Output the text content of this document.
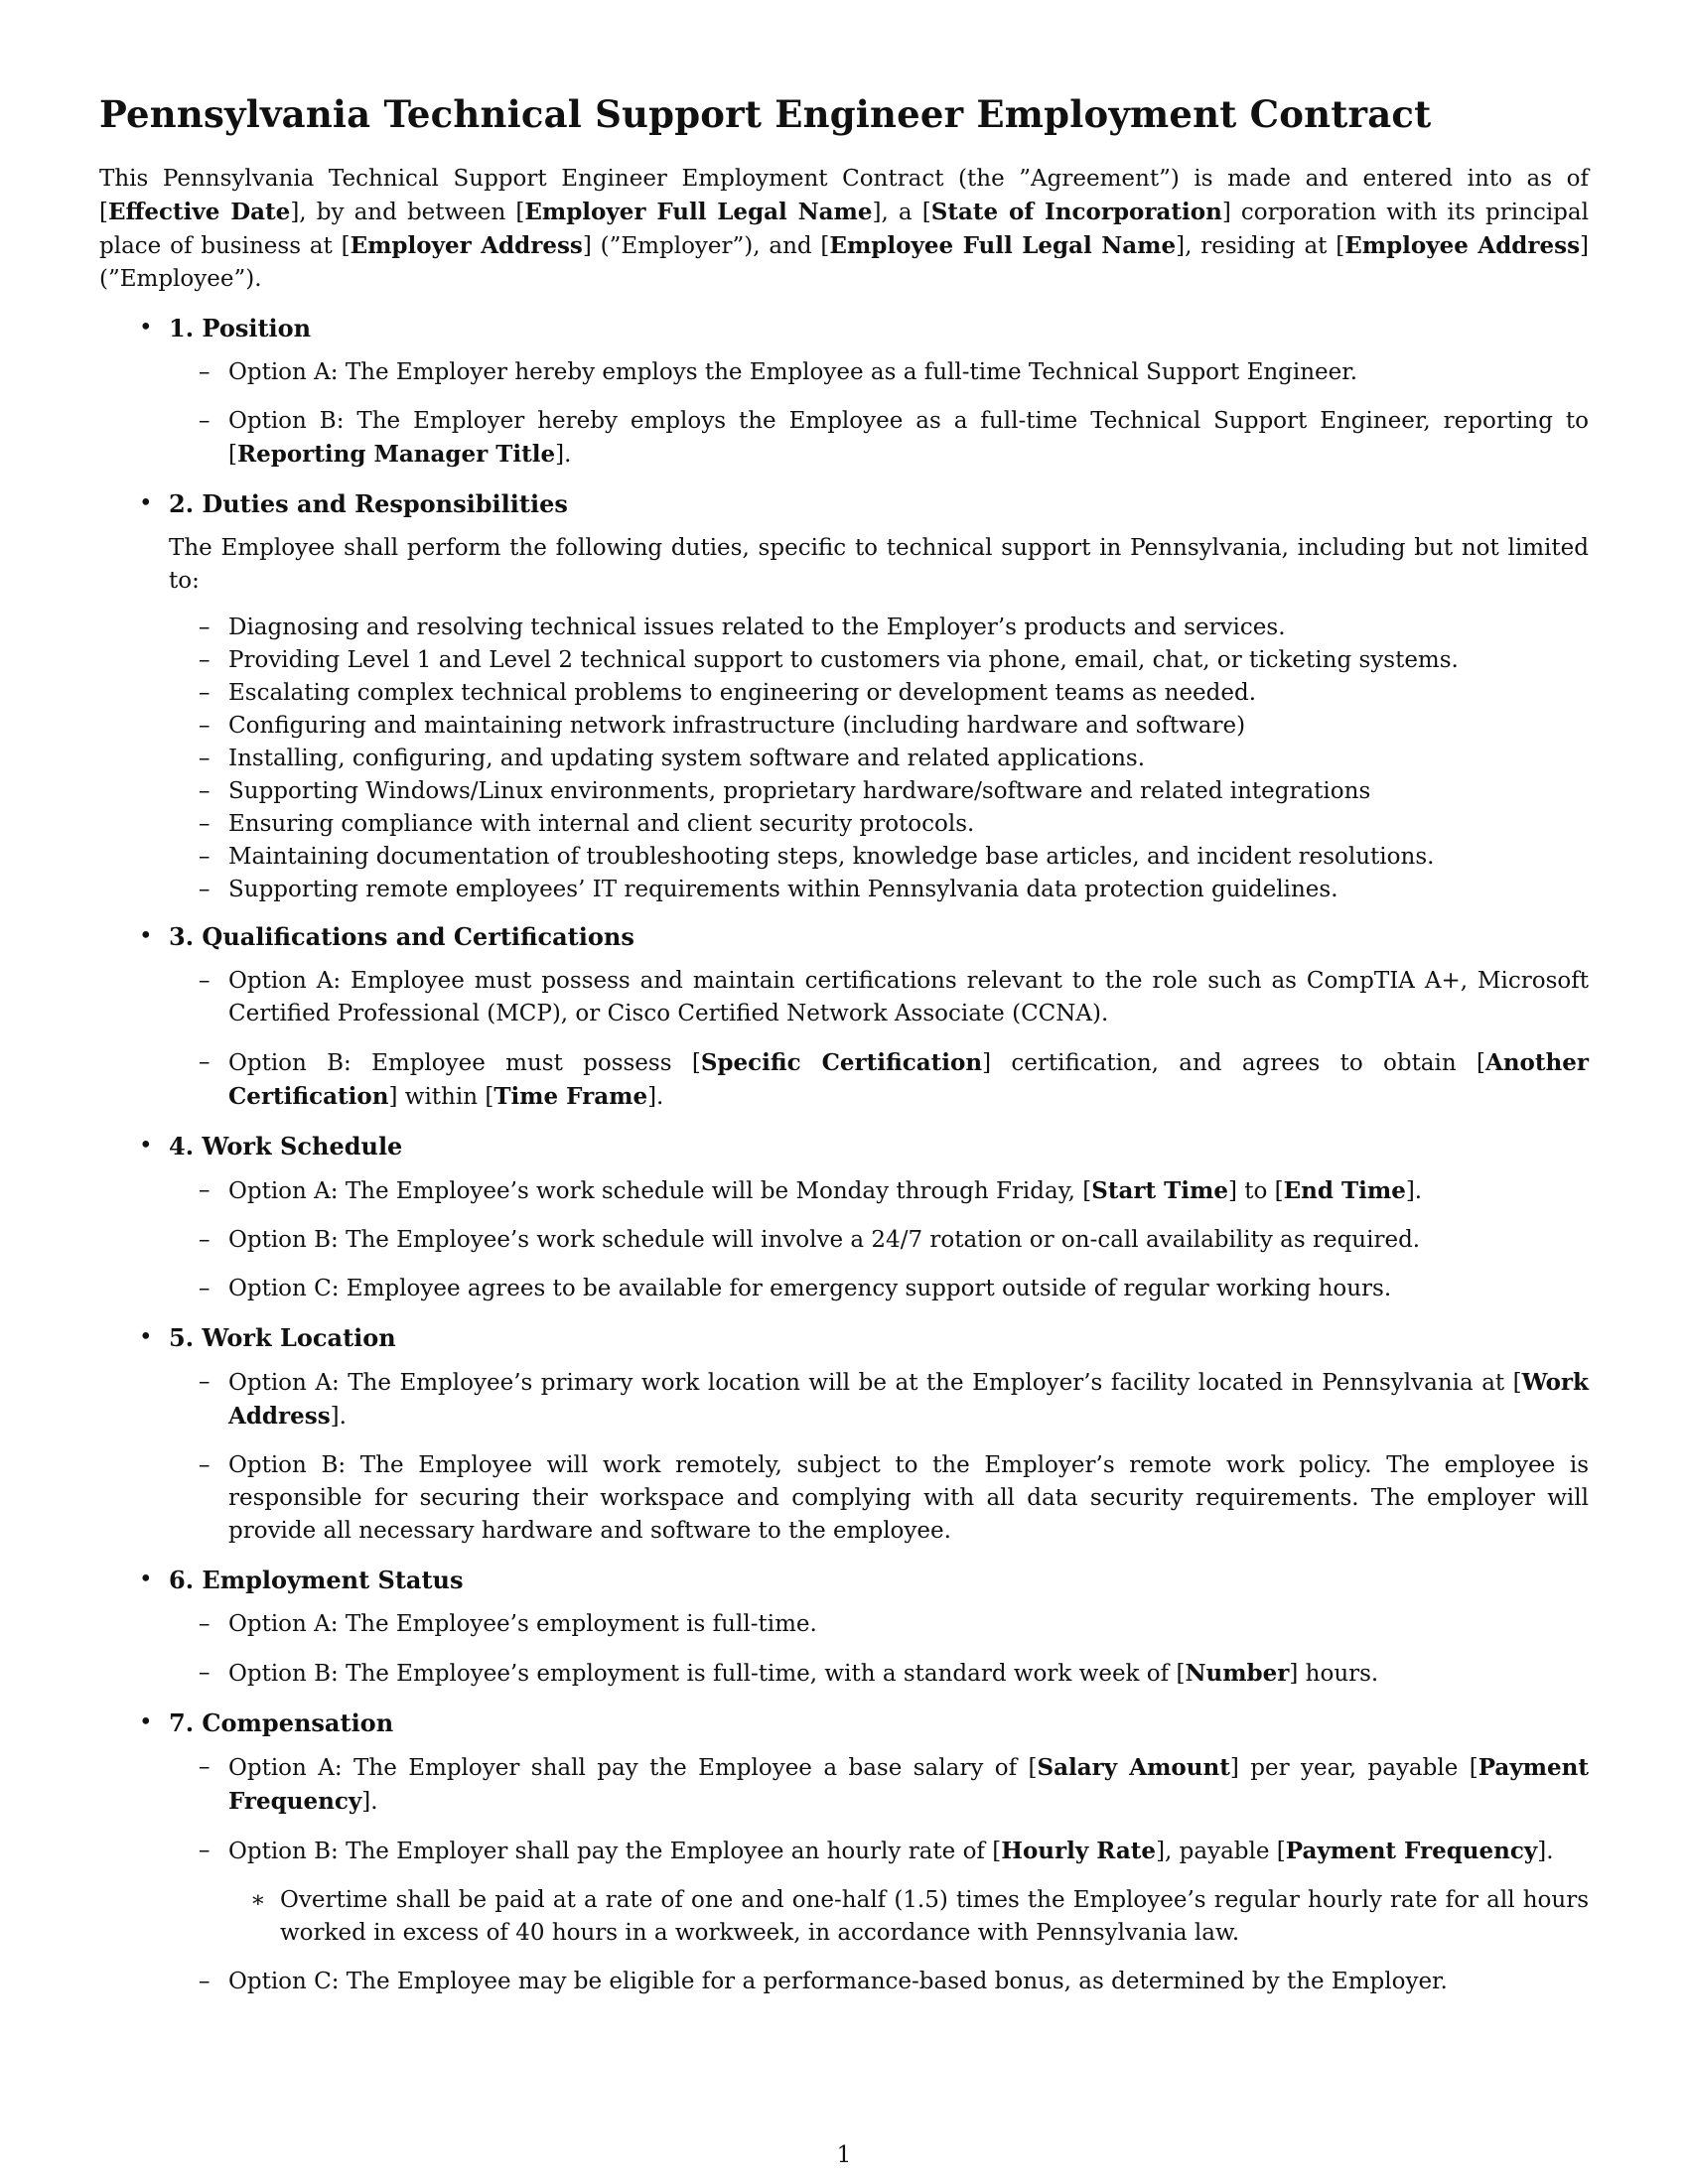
Pennsylvania Technical Support Engineer Employment Contract

This Pennsylvania Technical Support Engineer Employment Contract (the ”Agreement”) is made and entered into as of [Effective Date], by and between [Employer Full Legal Name], a [State of Incorporation] corporation with its principal place of business at [Employer Address] (”Employer”), and [Employee Full Legal Name], residing at [Employee Address] (”Employee”).

• 1. Position
– Option A: The Employer hereby employs the Employee as a full-time Technical Support Engineer.
– Option B: The Employer hereby employs the Employee as a full-time Technical Support Engineer, reporting to [Reporting Manager Title].
• 2. Duties and Responsibilities

The Employee shall perform the following duties, specific to technical support in Pennsylvania, including but not limited to:

– Diagnosing and resolving technical issues related to the Employer’s products and services.
– Providing Level 1 and Level 2 technical support to customers via phone, email, chat, or ticketing systems.
– Escalating complex technical problems to engineering or development teams as needed.
– Configuring and maintaining network infrastructure (including hardware and software)
– Installing, configuring, and updating system software and related applications.
– Supporting Windows/Linux environments, proprietary hardware/software and related integrations
– Ensuring compliance with internal and client security protocols.
– Maintaining documentation of troubleshooting steps, knowledge base articles, and incident resolutions.
– Supporting remote employees’ IT requirements within Pennsylvania data protection guidelines.
• 3. Qualifications and Certifications
– Option A: Employee must possess and maintain certifications relevant to the role such as CompTIA A+, Microsoft Certified Professional (MCP), or Cisco Certified Network Associate (CCNA).
– Option B: Employee must possess [Specific Certification] certification, and agrees to obtain [Another Certification] within [Time Frame].
• 4. Work Schedule
– Option A: The Employee’s work schedule will be Monday through Friday, [Start Time] to [End Time].
– Option B: The Employee’s work schedule will involve a 24/7 rotation or on-call availability as required.
– Option C: Employee agrees to be available for emergency support outside of regular working hours.
• 5. Work Location
– Option A: The Employee’s primary work location will be at the Employer’s facility located in Pennsylvania at [Work Address].
– Option B: The Employee will work remotely, subject to the Employer’s remote work policy. The employee is responsible for securing their workspace and complying with all data security requirements. The employer will provide all necessary hardware and software to the employee.
• 6. Employment Status
– Option A: The Employee’s employment is full-time.
– Option B: The Employee’s employment is full-time, with a standard work week of [Number] hours.
• 7. Compensation
– Option A: The Employer shall pay the Employee a base salary of [Salary Amount] per year, payable [Payment Frequency].
– Option B: The Employer shall pay the Employee an hourly rate of [Hourly Rate], payable [Payment Frequency].
∗ Overtime shall be paid at a rate of one and one-half (1.5) times the Employee’s regular hourly rate for all hours worked in excess of 40 hours in a workweek, in accordance with Pennsylvania law.
– Option C: The Employee may be eligible for a performance-based bonus, as determined by the Employer.
1
